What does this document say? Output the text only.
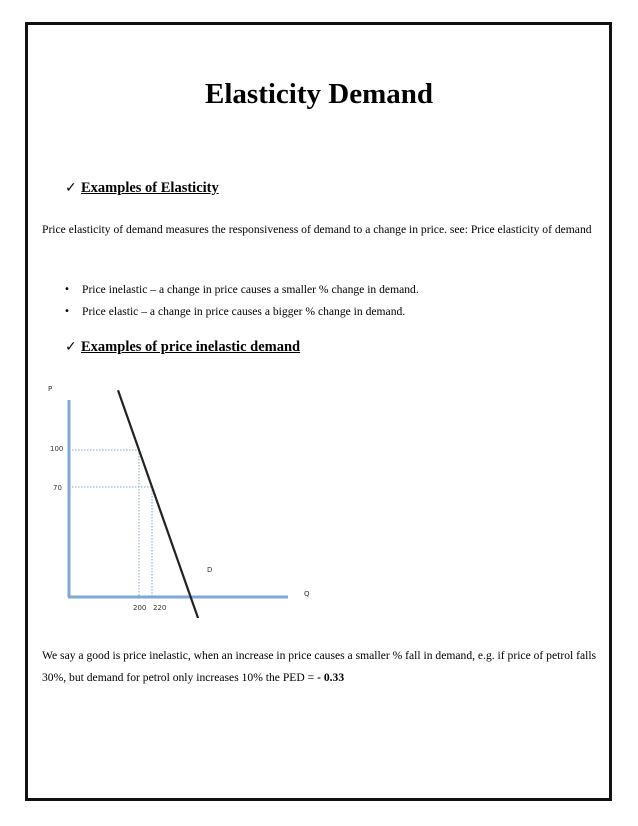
Elasticity Demand
✓ Examples of Elasticity

Price elasticity of demand measures the responsiveness of demand to a change in price. see: Price elasticity of demand

• Price inelastic – a change in price causes a smaller % change in demand.
• Price elastic – a change in price causes a bigger % change in demand.
✓ Examples of price inelastic demand
P
Q
D
100
70
200 220

We say a good is price inelastic, when an increase in price causes a smaller % fall in demand, e.g. if price of petrol falls 30%, but demand for petrol only increases 10% the PED = - 0.33
